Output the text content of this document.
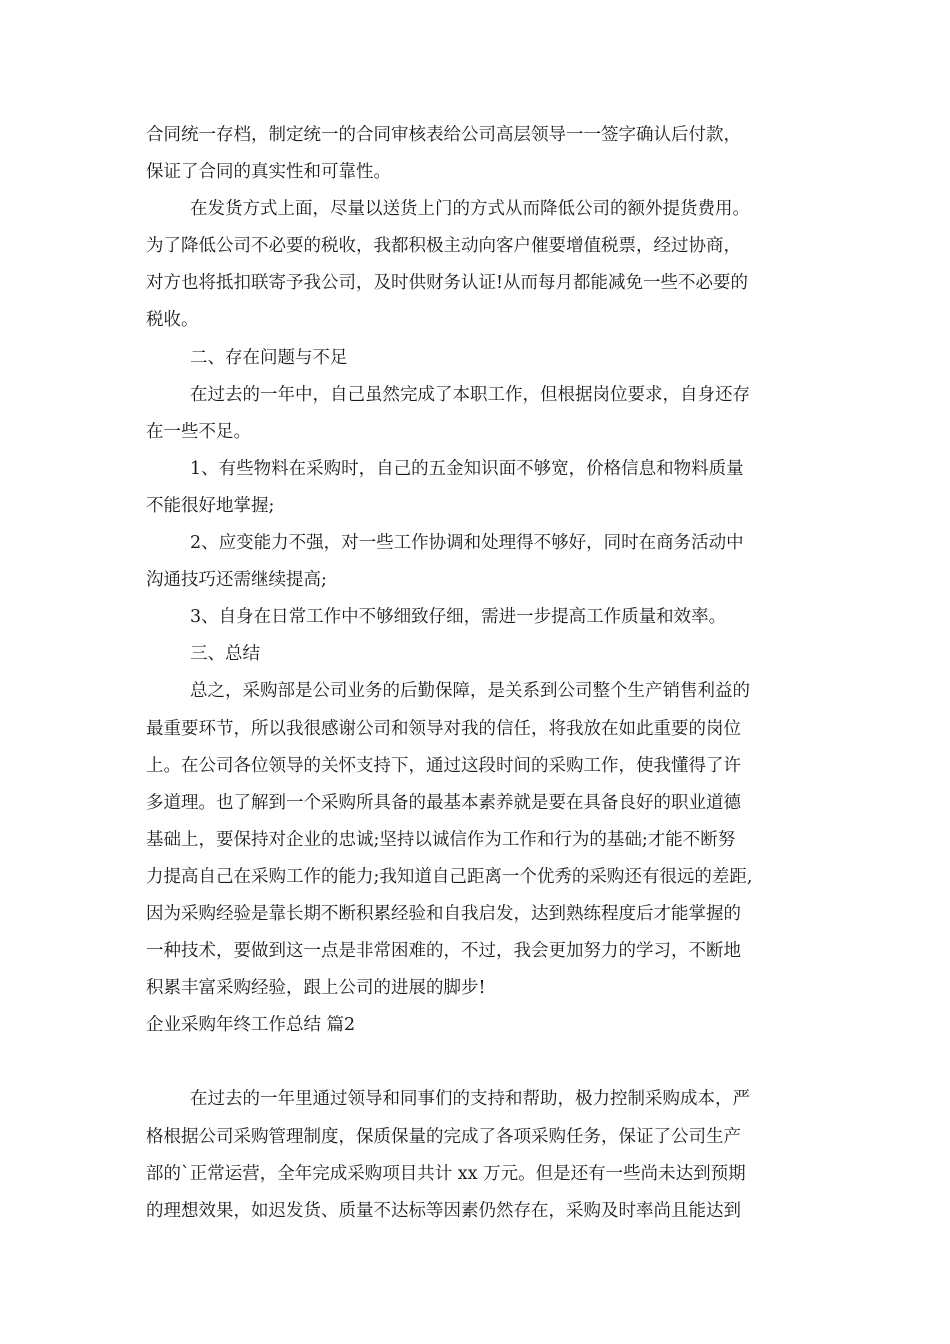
合同统一存档，制定统一的合同审核表给公司高层领导一一签字确认后付款，
保证了合同的真实性和可靠性。
在发货方式上面，尽量以送货上门的方式从而降低公司的额外提货费用。
为了降低公司不必要的税收，我都积极主动向客户催要增值税票，经过协商，
对方也将抵扣联寄予我公司，及时供财务认证!从而每月都能减免一些不必要的
税收。
二、存在问题与不足
在过去的一年中，自己虽然完成了本职工作，但根据岗位要求，自身还存
在一些不足。
1、有些物料在采购时，自己的五金知识面不够宽，价格信息和物料质量
不能很好地掌握;
2、应变能力不强，对一些工作协调和处理得不够好，同时在商务活动中
沟通技巧还需继续提高;
3、自身在日常工作中不够细致仔细，需进一步提高工作质量和效率。
三、总结
总之，采购部是公司业务的后勤保障，是关系到公司整个生产销售利益的
最重要环节，所以我很感谢公司和领导对我的信任，将我放在如此重要的岗位
上。在公司各位领导的关怀支持下，通过这段时间的采购工作，使我懂得了许
多道理。也了解到一个采购所具备的最基本素养就是要在具备良好的职业道德
基础上，要保持对企业的忠诚;坚持以诚信作为工作和行为的基础;才能不断努
力提高自己在采购工作的能力;我知道自己距离一个优秀的采购还有很远的差距,
因为采购经验是靠长期不断积累经验和自我启发，达到熟练程度后才能掌握的
一种技术，要做到这一点是非常困难的，不过，我会更加努力的学习，不断地
积累丰富采购经验，跟上公司的进展的脚步!
企业采购年终工作总结 篇2
在过去的一年里通过领导和同事们的支持和帮助，极力控制采购成本，严
格根据公司采购管理制度，保质保量的完成了各项采购任务，保证了公司生产
部的`正常运营，全年完成采购项目共计 xx 万元。但是还有一些尚未达到预期
的理想效果，如迟发货、质量不达标等因素仍然存在，采购及时率尚且能达到
